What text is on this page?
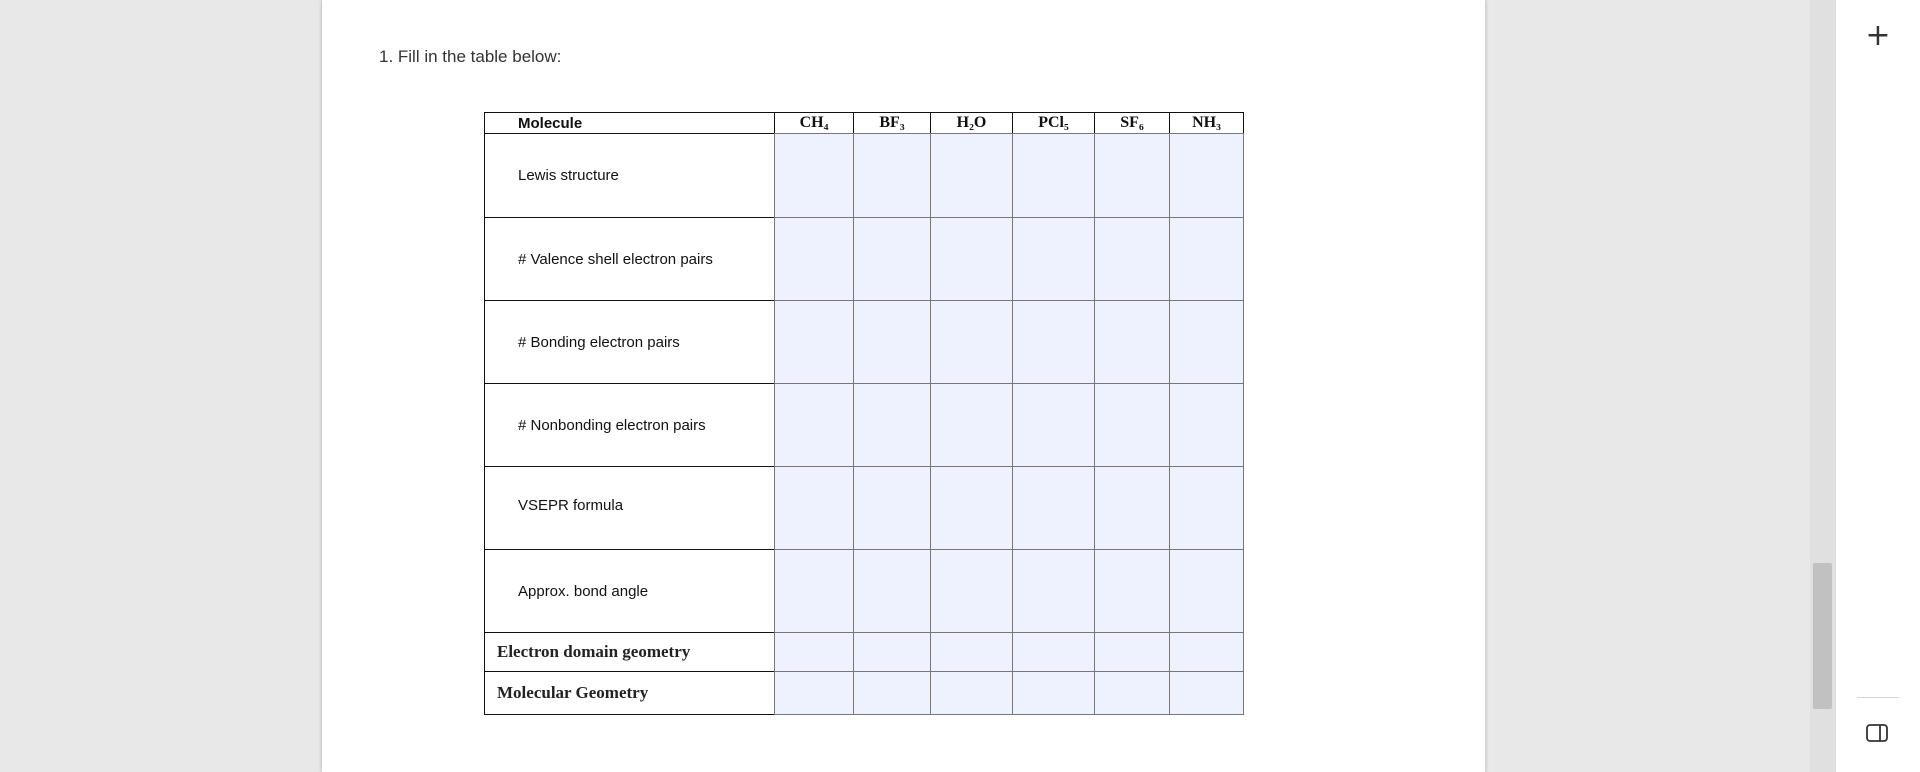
1. Fill in the table below:
Molecule	CH₄	BF₃	H₂O	PCl₅	SF₆	NH₃
Lewis structure
# Valence shell electron pairs
# Bonding electron pairs
# Nonbonding electron pairs
VSEPR formula
Approx. bond angle
Electron domain geometry
Molecular Geometry
+
